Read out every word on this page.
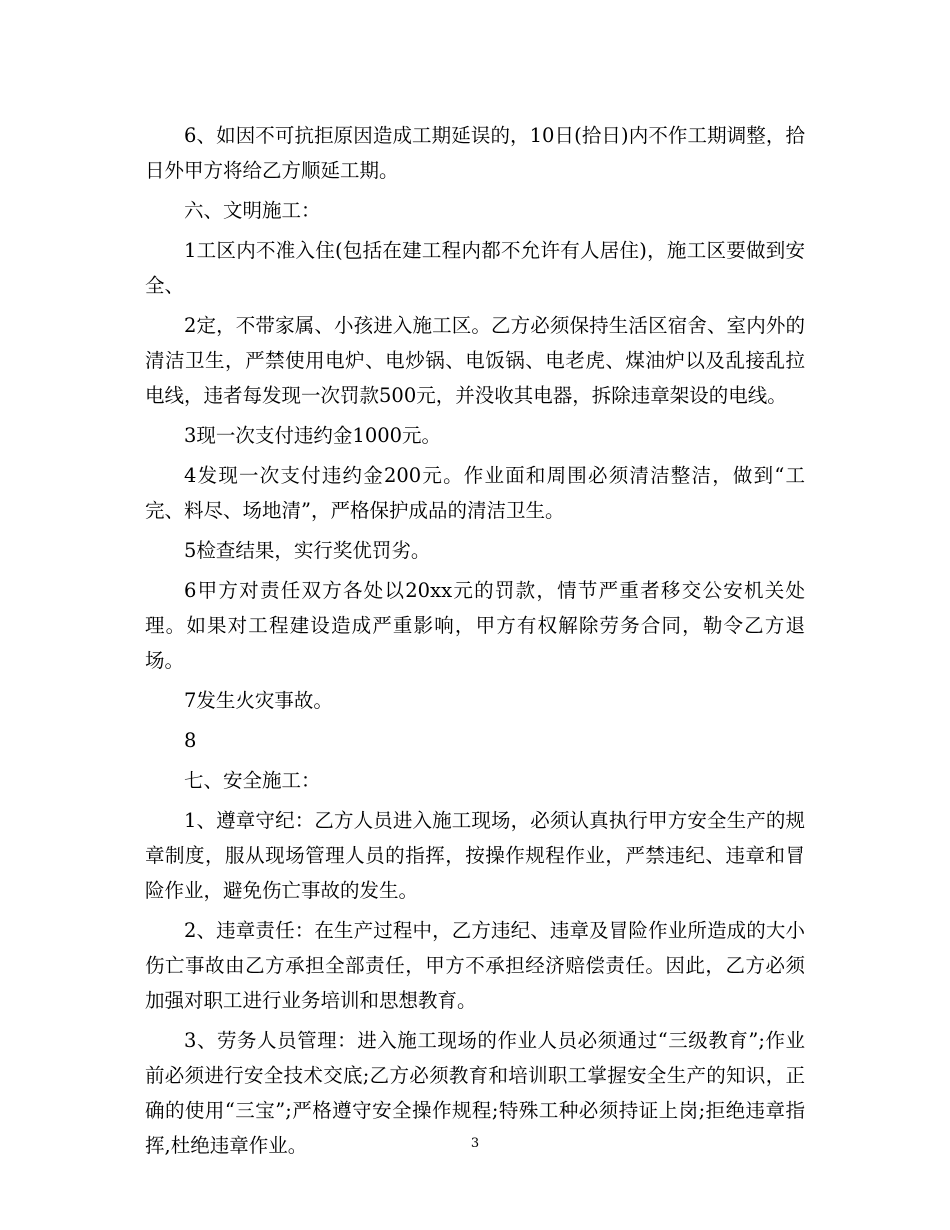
6、如因不可抗拒原因造成工期延误的，10日(拾日)内不作工期调整，拾日外甲方将给乙方顺延工期。

六、文明施工：

1工区内不准入住(包括在建工程内都不允许有人居住)，施工区要做到安全、

2定，不带家属、小孩进入施工区。乙方必须保持生活区宿舍、室内外的清洁卫生，严禁使用电炉、电炒锅、电饭锅、电老虎、煤油炉以及乱接乱拉电线，违者每发现一次罚款500元，并没收其电器，拆除违章架设的电线。

3现一次支付违约金1000元。

4发现一次支付违约金200元。作业面和周围必须清洁整洁，做到“工完、料尽、场地清”，严格保护成品的清洁卫生。

5检查结果，实行奖优罚劣。

6甲方对责任双方各处以20xx元的罚款，情节严重者移交公安机关处理。如果对工程建设造成严重影响，甲方有权解除劳务合同，勒令乙方退场。

7发生火灾事故。

8

七、安全施工：

1、遵章守纪：乙方人员进入施工现场，必须认真执行甲方安全生产的规章制度，服从现场管理人员的指挥，按操作规程作业，严禁违纪、违章和冒险作业，避免伤亡事故的发生。

2、违章责任：在生产过程中，乙方违纪、违章及冒险作业所造成的大小伤亡事故由乙方承担全部责任，甲方不承担经济赔偿责任。因此，乙方必须加强对职工进行业务培训和思想教育。

3、劳务人员管理：进入施工现场的作业人员必须通过“三级教育”;作业前必须进行安全技术交底;乙方必须教育和培训职工掌握安全生产的知识，正确的使用“三宝”;严格遵守安全操作规程;特殊工种必须持证上岗;拒绝违章指挥,杜绝违章作业。	3
